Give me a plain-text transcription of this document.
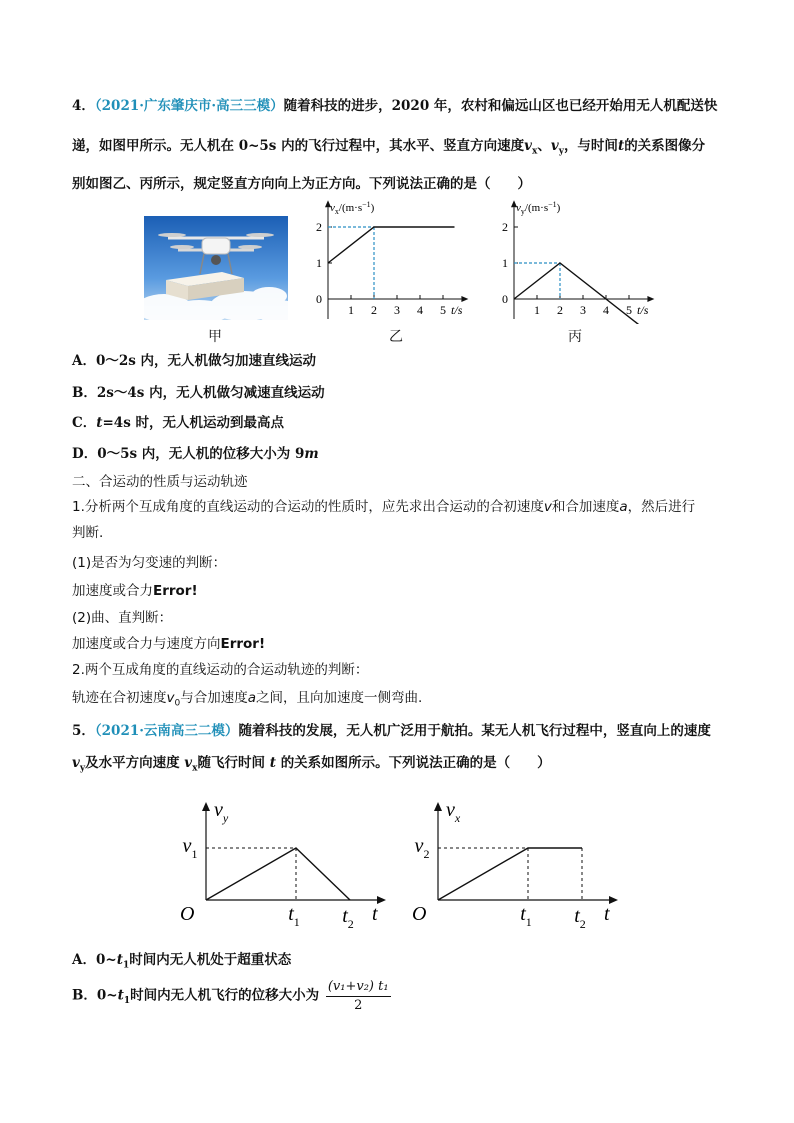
4．（2021·广东肇庆市·高三三模）随着科技的进步，2020 年，农村和偏远山区也已经开始用无人机配送快
递，如图甲所示。无人机在 0~5s 内的飞行过程中，其水平、竖直方向速度$v_x$、$v_y$，与时间t的关系图像分
别如图乙、丙所示，规定竖直方向向上为正方向。下列说法正确的是（　　）
$v_x/(m\cdot s^{-1})$
1 2 3 4 5 t/s
0
1
2
$v_y/(m\cdot s^{-1})$
1 2 3 4 5 t/s
0
1
2
甲	乙	丙
A．0～2s 内，无人机做匀加速直线运动
B．2s～4s 内，无人机做匀减速直线运动
C．t=4s 时，无人机运动到最高点
D．0～5s 内，无人机的位移大小为 9m
二、合运动的性质与运动轨迹
1.分析两个互成角度的直线运动的合运动的性质时，应先求出合运动的合初速度v和合加速度a，然后进行
判断.
(1)是否为匀变速的判断：
加速度或合力Error!
(2)曲、直判断：
加速度或合力与速度方向Error!
2.两个互成角度的直线运动的合运动轨迹的判断：
轨迹在合初速度$v_0$与合加速度a之间，且向加速度一侧弯曲.
5．（2021·云南高三二模）随着科技的发展，无人机广泛用于航拍。某无人机飞行过程中，竖直向上的速度
$v_y$及水平方向速度 $v_x$随飞行时间 t 的关系如图所示。下列说法正确的是（　　）
$v_y$
t
O	$t_1$ $t_2$
$v_1$
$v_x$
t
O	$t_1$ $t_2$
$v_2$
A．$0\sim t_1$时间内无人机处于超重状态
B．$0\sim t_1$时间内无人机飞行的位移大小为 $\frac{\text{(v₁+v₂) t₁}}{2}$
